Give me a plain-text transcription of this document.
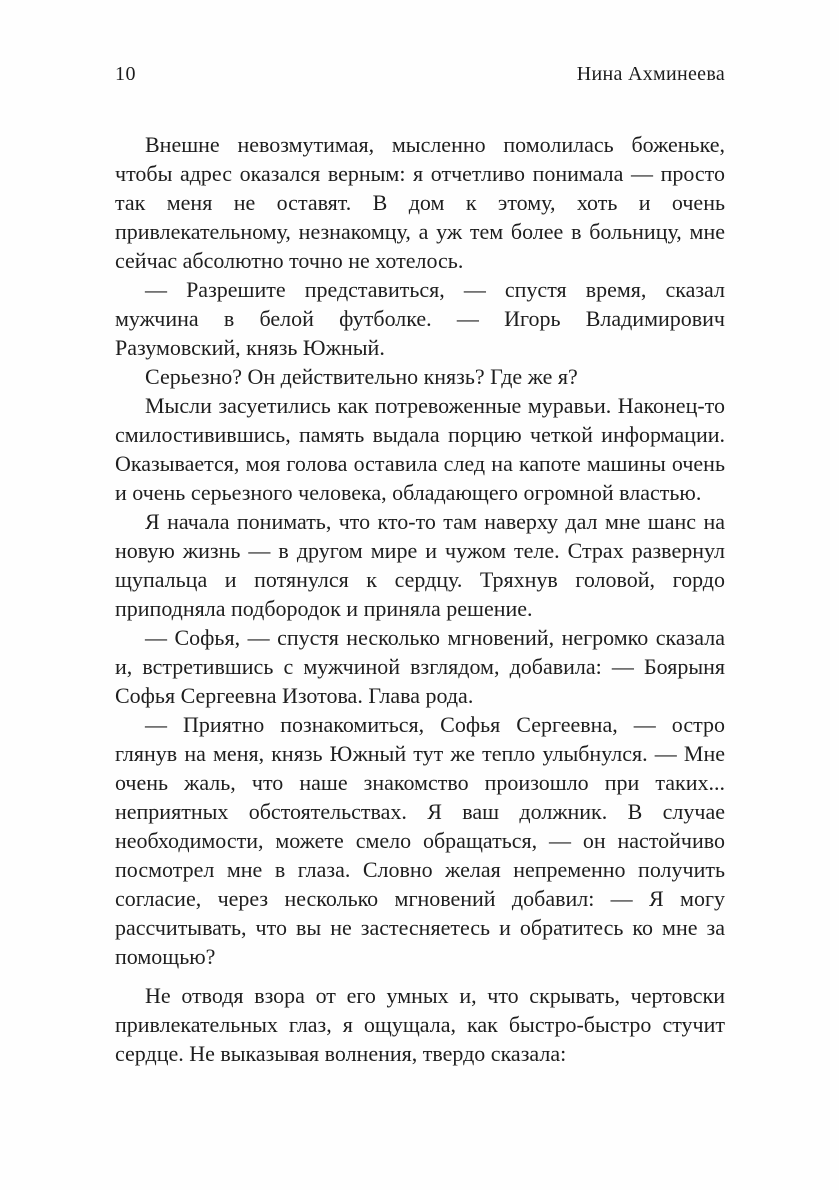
10	Нина Ахминеева

Внешне невозмутимая, мысленно помолилась боженьке, чтобы адрес оказался верным: я отчетливо понимала — просто так меня не оставят. В дом к этому, хоть и очень привлекательному, незнакомцу, а уж тем более в больницу, мне сейчас абсолютно точно не хотелось.

— Разрешите представиться, — спустя время, сказал мужчина в белой футболке. — Игорь Владимирович Разумовский, князь Южный.

Серьезно? Он действительно князь? Где же я?

Мысли засуетились как потревоженные муравьи. Наконец-то смилостивившись, память выдала порцию четкой информации. Оказывается, моя голова оставила след на капоте машины очень и очень серьезного человека, обладающего огромной властью.

Я начала понимать, что кто-то там наверху дал мне шанс на новую жизнь — в другом мире и чужом теле. Страх развернул щупальца и потянулся к сердцу. Тряхнув головой, гордо приподняла подбородок и приняла решение.

— Софья, — спустя несколько мгновений, негромко сказала и, встретившись с мужчиной взглядом, добавила: — Боярыня Софья Сергеевна Изотова. Глава рода.

— Приятно познакомиться, Софья Сергеевна, — остро глянув на меня, князь Южный тут же тепло улыбнулся. — Мне очень жаль, что наше знакомство произошло при таких... неприятных обстоятельствах. Я ваш должник. В случае необходимости, можете смело обращаться, — он настойчиво посмотрел мне в глаза. Словно желая непременно получить согласие, через несколько мгновений добавил: — Я могу рассчитывать, что вы не застесняетесь и обратитесь ко мне за помощью?

Не отводя взора от его умных и, что скрывать, чертовски привлекательных глаз, я ощущала, как быстро-быстро стучит сердце. Не выказывая волнения, твердо сказала:
